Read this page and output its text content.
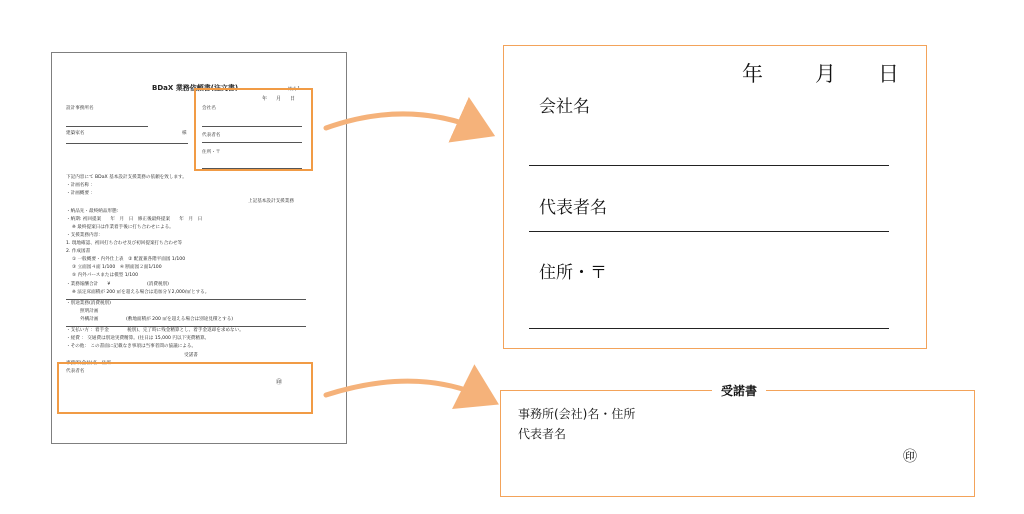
BDaX 業務依頼書(注文書)	様式-1
年　月　日
設計事務所名
建築家名	様
会社名
代表者名
住所・〒
下記内容にて BDaX 基本設計支援業務の依頼を致します。
・計画名称 ：
・計画概要 ：
上記基本設計支援業務
・納品先・最終納品形態:
・納期: 初回提案　　年　月　日　修正後最終提案　　年　月　日
※ 最終提案日は作業着手後に打ち合わせによる。
・支援業務内容：
1. 現地確認、初回打ち合わせ及び初回提案打ち合わせ等
2. 作成図書
① 一般概要・内外仕上表　② 配置兼各階平面図 1/100
③ 立面図４面 1/100　④ 断面図２面1/100
⑤ 内外パースまたは模型 1/100
・業務報酬合計　　¥　　　　　　　　(消費税別)
※ 法定床面積が 200 ㎡を超える場合は追加分￥2,000/㎡とする。
・別途業務(消費税別)
照明計画
外構計画　　　　　　(敷地面積が 200 ㎡を超える場合は別途見積とする)
・支払い方 ：着手金　　　　税別)、完了時に残金精算とし、着手金返却を求めない。
・経費 ： 交通費は別途実費精算。(往日は 15,000 円以下実費精算。
・その他： この書面に記載なき事項は当事者間の協議による。
受諾書
事務所(会社)名・住所
代表者名
㊞
年 月 日
会社名
代表者名
住所・〒
受諾書
事務所(会社)名・住所
代表者名
㊞
